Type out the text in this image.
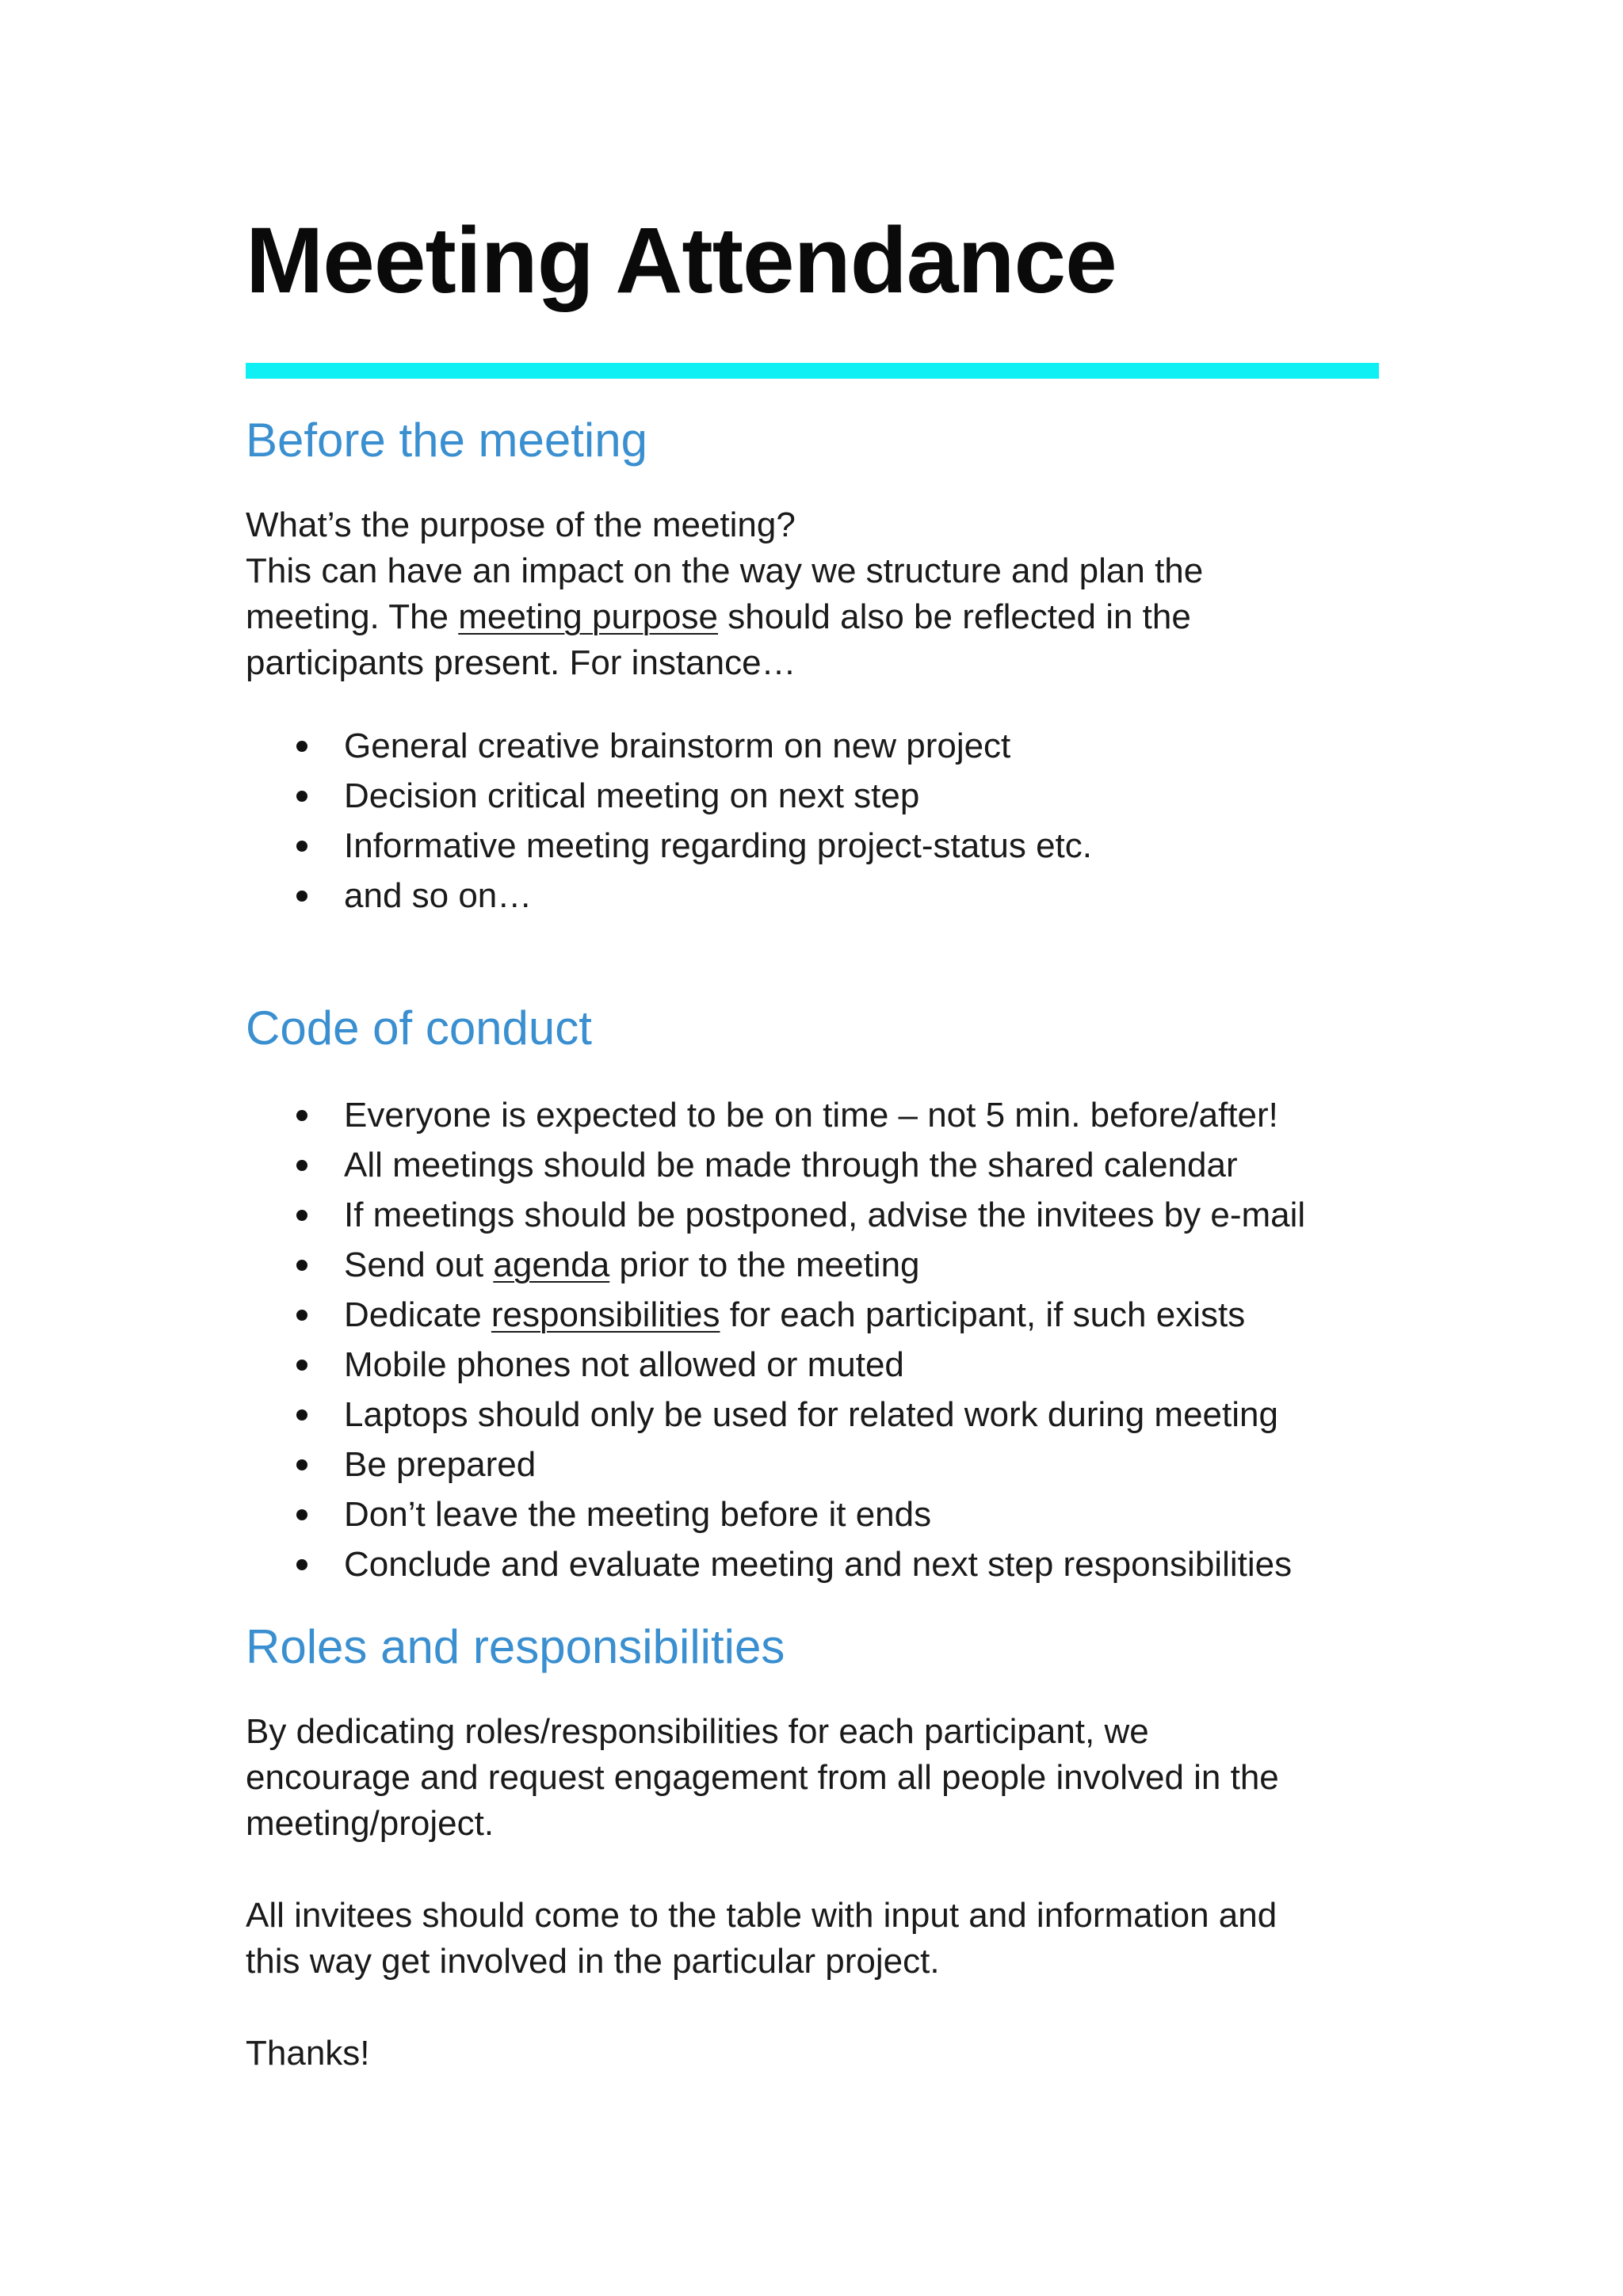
Meeting Attendance
Before the meeting

What’s the purpose of the meeting?
This can have an impact on the way we structure and plan the
meeting. The meeting purpose should also be reflected in the
participants present. For instance…

General creative brainstorm on new project
Decision critical meeting on next step
Informative meeting regarding project-status etc.
and so on…
Code of conduct
Everyone is expected to be on time – not 5 min. before/after!
All meetings should be made through the shared calendar
If meetings should be postponed, advise the invitees by e-mail
Send out agenda prior to the meeting
Dedicate responsibilities for each participant, if such exists
Mobile phones not allowed or muted
Laptops should only be used for related work during meeting
Be prepared
Don’t leave the meeting before it ends
Conclude and evaluate meeting and next step responsibilities
Roles and responsibilities

By dedicating roles/responsibilities for each participant, we
encourage and request engagement from all people involved in the
meeting/project.

All invitees should come to the table with input and information and
this way get involved in the particular project.

Thanks!
